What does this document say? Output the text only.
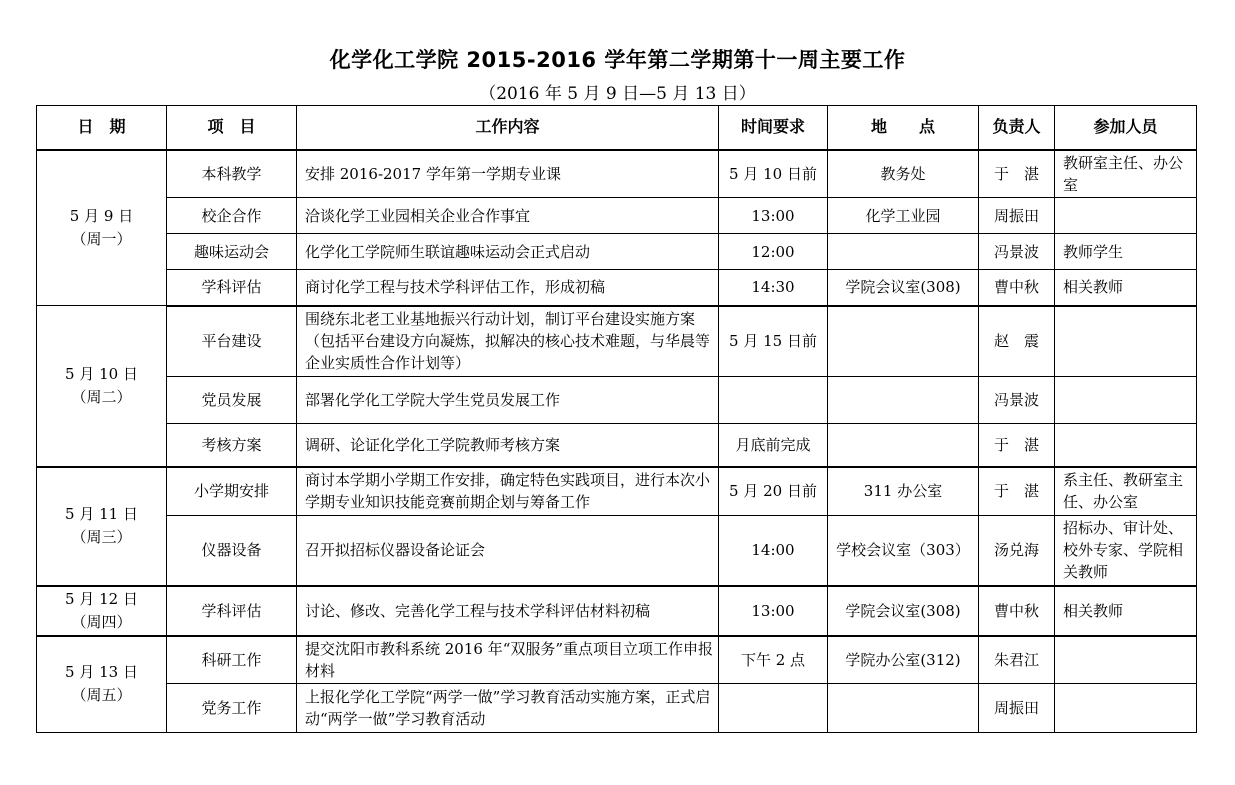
化学化工学院 2015-2016 学年第二学期第十一周主要工作
（2016 年 5 月 9 日—5 月 13 日）
日　期	项　目	工作内容	时间要求	地　　点	负责人	参加人员

5 月 9 日
（周一）	本科教学	安排 2016-2017 学年第一学期专业课	5 月 10 日前	教务处	于　湛	教研室主任、办公室
	校企合作	洽谈化学工业园相关企业合作事宜	13:00	化学工业园	周振田	
	趣味运动会	化学化工学院师生联谊趣味运动会正式启动	12:00		冯景波	教师学生
	学科评估	商讨化学工程与技术学科评估工作，形成初稿	14:30	学院会议室(308)	曹中秋	相关教师

5 月 10 日
（周二）	平台建设	围绕东北老工业基地振兴行动计划，制订平台建设实施方案（包括平台建设方向凝炼，拟解决的核心技术难题，与华晨等企业实质性合作计划等）	5 月 15 日前		赵　震	
	党员发展	部署化学化工学院大学生党员发展工作			冯景波	
	考核方案	调研、论证化学化工学院教师考核方案	月底前完成		于　湛	

5 月 11 日
（周三）	小学期安排	商讨本学期小学期工作安排，确定特色实践项目，进行本次小学期专业知识技能竞赛前期企划与筹备工作	5 月 20 日前	311 办公室	于　湛	系主任、教研室主任、办公室
	仪器设备	召开拟招标仪器设备论证会	14:00	学校会议室（303）	汤兑海	招标办、审计处、校外专家、学院相关教师

5 月 12 日
（周四）	学科评估	讨论、修改、完善化学工程与技术学科评估材料初稿	13:00	学院会议室(308)	曹中秋	相关教师

5 月 13 日
（周五）	科研工作	提交沈阳市教科系统 2016 年“双服务”重点项目立项工作申报材料	下午 2 点	学院办公室(312)	朱君江	
	党务工作	上报化学化工学院“两学一做”学习教育活动实施方案，正式启动“两学一做”学习教育活动			周振田	
